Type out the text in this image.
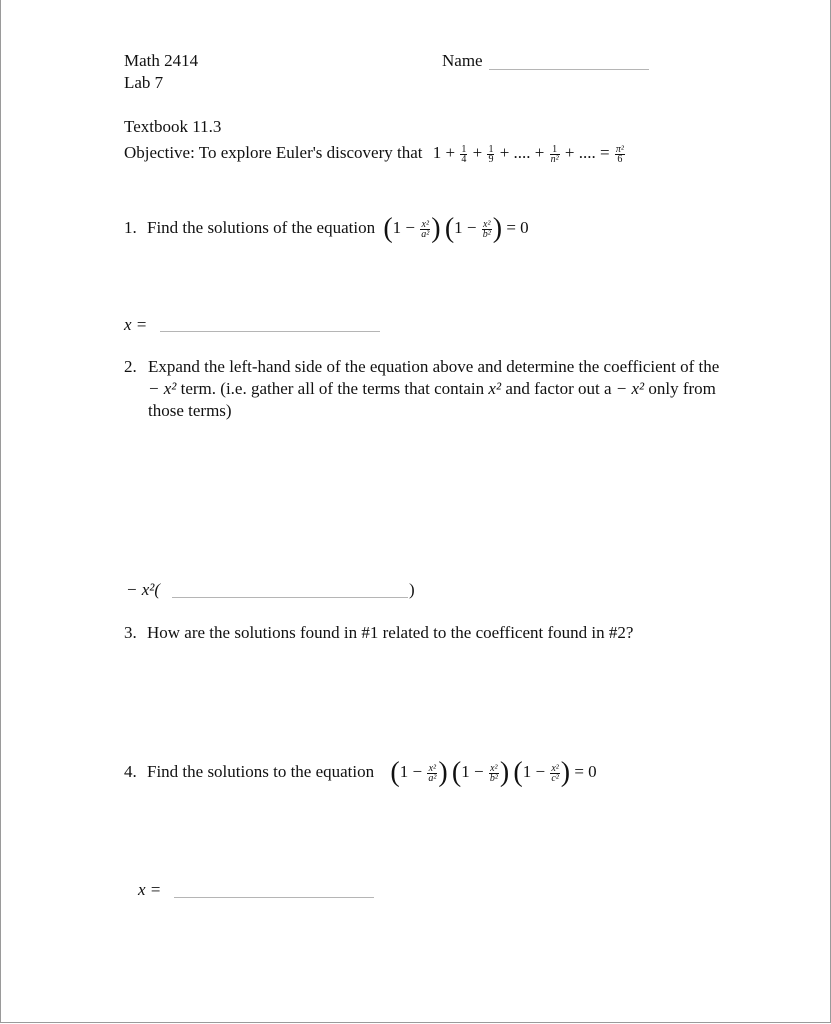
Math 2414
Lab 7
Name
Textbook 11.3
Objective: To explore Euler's discovery that $1 + \frac{1}{4} + \frac{1}{9}$ + .... + $\frac{1}{\text{n²}}$ + .... = $\frac{\text{π²}}{6}$
1. Find the solutions of the equation ($1 - \frac{\text{x²}}{\text{a²}}$ ) ($1 - \frac{\text{x²}}{\text{b²}}$ ) = 0
x =
2. Expand the left-hand side of the equation above and determine the coefficient of the
− x² term. (i.e. gather all of the terms that contain x² and factor out a − x² only from
those terms)
− x²(	)
3. How are the solutions found in #1 related to the coefficent found in #2?
4. Find the solutions to the equation ($1 - \frac{\text{x²}}{\text{a²}}$ ) ($1 - \frac{\text{x²}}{\text{b²}}$ ) ($1 - \frac{\text{x²}}{\text{c²}}$ ) = 0
x =
